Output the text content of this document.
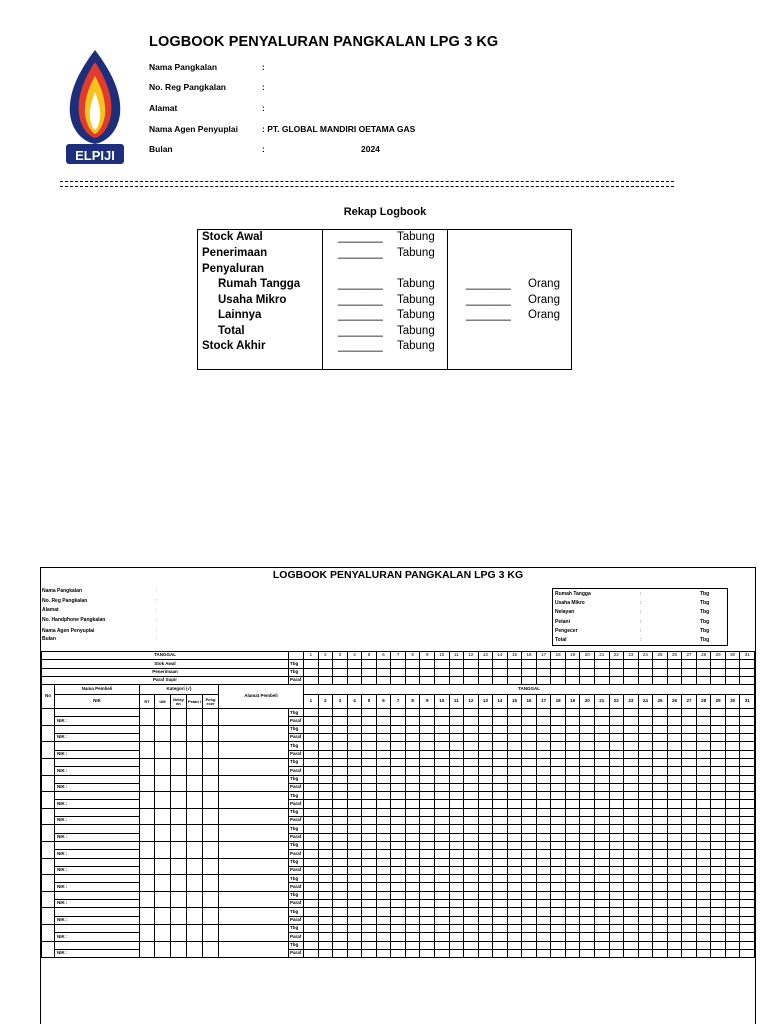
ELPIJI
LOGBOOK PENYALURAN PANGKALAN LPG 3 KG
Nama Pangkalan	:
No. Reg Pangkalan	:
Alamat	:
Nama Agen Penyuplai	: PT. GLOBAL MANDIRI OETAMA GAS
Bulan	:	2024
Rekap Logbook
Stock Awal	_______ Tabung
Penerimaan	_______ Tabung
Penyaluran
Rumah Tangga	_______ Tabung	_______ Orang
Usaha Mikro	_______ Tabung	_______ Orang
Lainnya	_______ Tabung	_______ Orang
Total	_______ Tabung
Stock Akhir	_______ Tabung
LOGBOOK PENYALURAN PANGKALAN LPG 3 KG
Nama Pangkalan	:
No. Reg Pangkalan	:
Alamat	:
No. Handphone Pangkalan	:
Nama Agen Penyuplai	:
Bulan	:
Rumah Tangga	:	Tbg
Usaha Mikro	:	Tbg
Nelayan	:	Tbg
Petani	:	Tbg
Pengecer	:	Tbg
Total	:	Tbg
TANGGAL									1	2	3	4	5	6	7	8	9	10	11	12	13	14	15	16	17	18	19	20	21	22	23	24	25	26	27	28	29	30	31
Stok Awal								Tbg																															
Penerimaan								Tbg																															
Paraf Supir								Paraf																															
No	Nama Pembeli	Kategori (√)					Alamat Pembeli		TANGGAL																														
	NIK	RT	UM	Nelay an	Petan i	Peng ecer			1	2	3	4	5	6	7	8	9	10	11	12	13	14	15	16	17	18	19	20	21	22	23	24	25	26	27	28	29	30	31
								Tbg																															
	NIK :							Paraf																															
								Tbg																															
	NIK :							Paraf																															
								Tbg																															
	NIK :							Paraf																															
								Tbg																															
	NIK :							Paraf																															
								Tbg																															
	NIK :							Paraf																															
								Tbg																															
	NIK :							Paraf																															
								Tbg																															
	NIK :							Paraf																															
								Tbg																															
	NIK :							Paraf																															
								Tbg																															
	NIK :							Paraf																															
								Tbg																															
	NIK :							Paraf																															
								Tbg																															
	NIK :							Paraf																															
								Tbg																															
	NIK :							Paraf																															
								Tbg																															
	NIK :							Paraf																															
								Tbg																															
	NIK :							Paraf																															
								Tbg																															
	NIK :							Paraf																															
